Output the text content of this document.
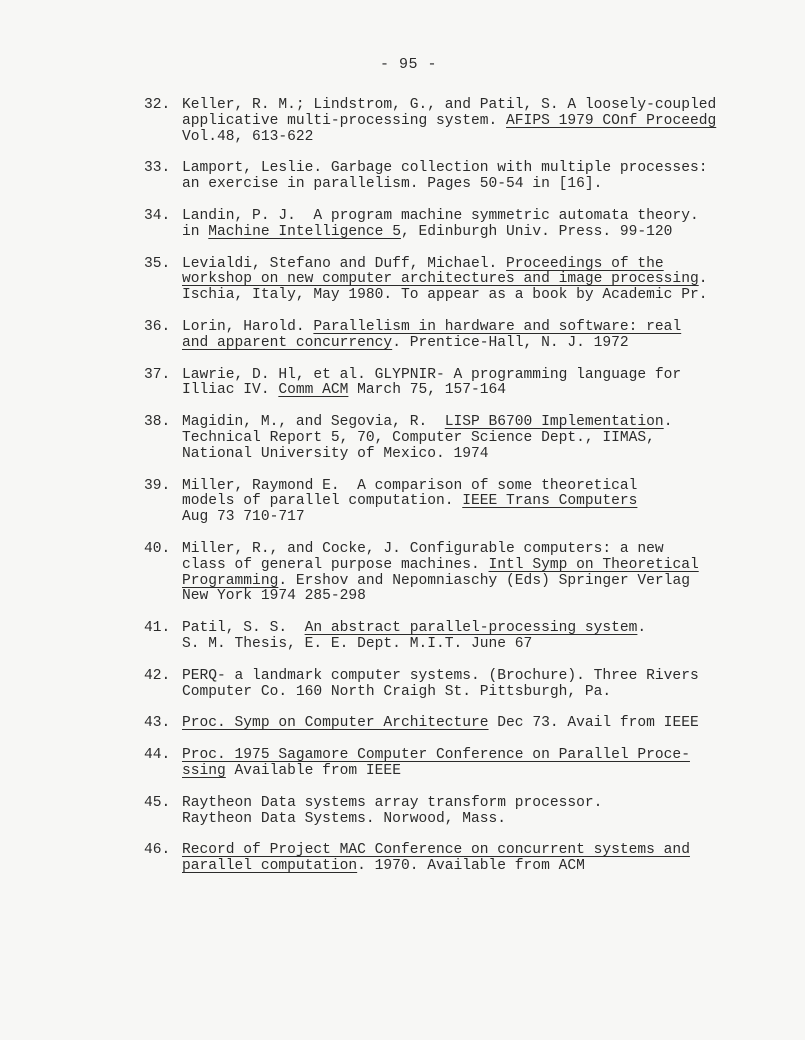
- 95 -
32. Keller, R. M.; Lindstrom, G., and Patil, S. A loosely-coupled
applicative multi-processing system. AFIPS 1979 COnf Proceedg
Vol.48, 613-622
33. Lamport, Leslie. Garbage collection with multiple processes:
an exercise in parallelism. Pages 50-54 in [16].
34. Landin, P. J.  A program machine symmetric automata theory.
in Machine Intelligence 5, Edinburgh Univ. Press. 99-120
35. Levialdi, Stefano and Duff, Michael. Proceedings of the
workshop on new computer architectures and image processing.
Ischia, Italy, May 1980. To appear as a book by Academic Pr.
36. Lorin, Harold. Parallelism in hardware and software: real
and apparent concurrency. Prentice-Hall, N. J. 1972
37. Lawrie, D. Hl, et al. GLYPNIR- A programming language for
Illiac IV. Comm ACM March 75, 157-164
38. Magidin, M., and Segovia, R.  LISP B6700 Implementation.
Technical Report 5, 70, Computer Science Dept., IIMAS,
National University of Mexico. 1974
39. Miller, Raymond E.  A comparison of some theoretical
models of parallel computation. IEEE Trans Computers
Aug 73 710-717
40. Miller, R., and Cocke, J. Configurable computers: a new
class of general purpose machines. Intl Symp on Theoretical
Programming. Ershov and Nepomniaschy (Eds) Springer Verlag
New York 1974 285-298
41. Patil, S. S.  An abstract parallel-processing system.
S. M. Thesis, E. E. Dept. M.I.T. June 67
42. PERQ- a landmark computer systems. (Brochure). Three Rivers
Computer Co. 160 North Craigh St. Pittsburgh, Pa.
43. Proc. Symp on Computer Architecture Dec 73. Avail from IEEE
44. Proc. 1975 Sagamore Computer Conference on Parallel Proce-
ssing Available from IEEE
45. Raytheon Data systems array transform processor.
Raytheon Data Systems. Norwood, Mass.
46. Record of Project MAC Conference on concurrent systems and
parallel computation. 1970. Available from ACM
